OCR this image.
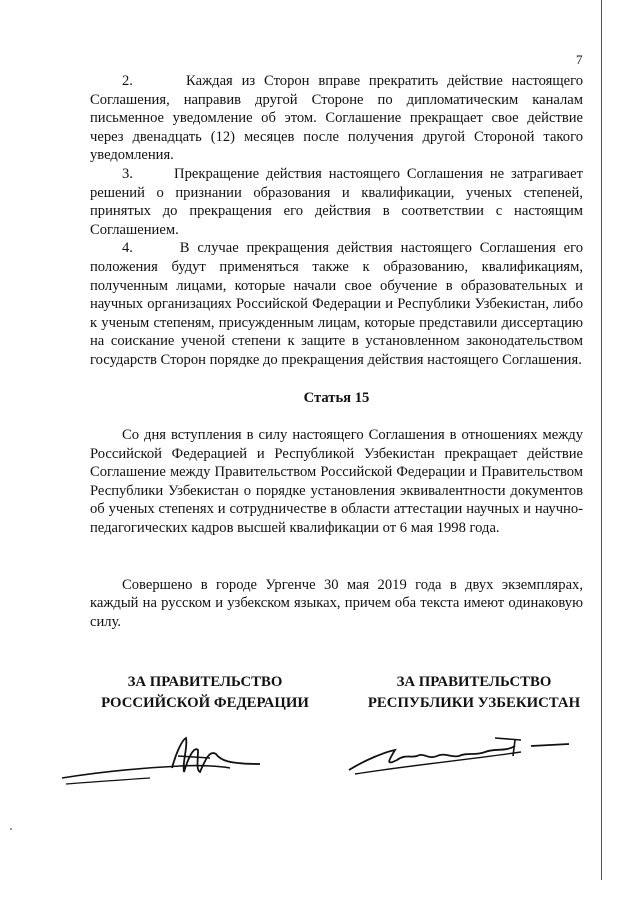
7

2.      Каждая из Сторон вправе прекратить действие настоящего Соглашения, направив другой Стороне по дипломатическим каналам письменное уведомление об этом. Соглашение прекращает свое действие через двенадцать (12) месяцев после получения другой Стороной такого уведомления.

3.      Прекращение действия настоящего Соглашения не затрагивает решений о признании образования и квалификации, ученых степеней, принятых до прекращения его действия в соответствии с настоящим Соглашением.

4.      В случае прекращения действия настоящего Соглашения его положения будут применяться также к образованию, квалификациям, полученным лицами, которые начали свое обучение в образовательных и научных организациях Российской Федерации и Республики Узбекистан, либо к ученым степеням, присужденным лицам, которые представили диссертацию на соискание ученой степени к защите в установленном законодательством государств Сторон порядке до прекращения действия настоящего Соглашения.

Статья 15

Со дня вступления в силу настоящего Соглашения в отношениях между Российской Федерацией и Республикой Узбекистан прекращает действие Соглашение между Правительством Российской Федерации и Правительством Республики Узбекистан о порядке установления эквивалентности документов об ученых степенях и сотрудничестве в области аттестации научных и научно-педагогических кадров высшей квалификации от 6 мая 1998 года.

Совершено в городе Ургенче 30 мая 2019 года в двух экземплярах, каждый на русском и узбекском языках, причем оба текста имеют одинаковую силу.

ЗА ПРАВИТЕЛЬСТВО
РОССИЙСКОЙ ФЕДЕРАЦИИ
ЗА ПРАВИТЕЛЬСТВО
РЕСПУБЛИКИ УЗБЕКИСТАН
